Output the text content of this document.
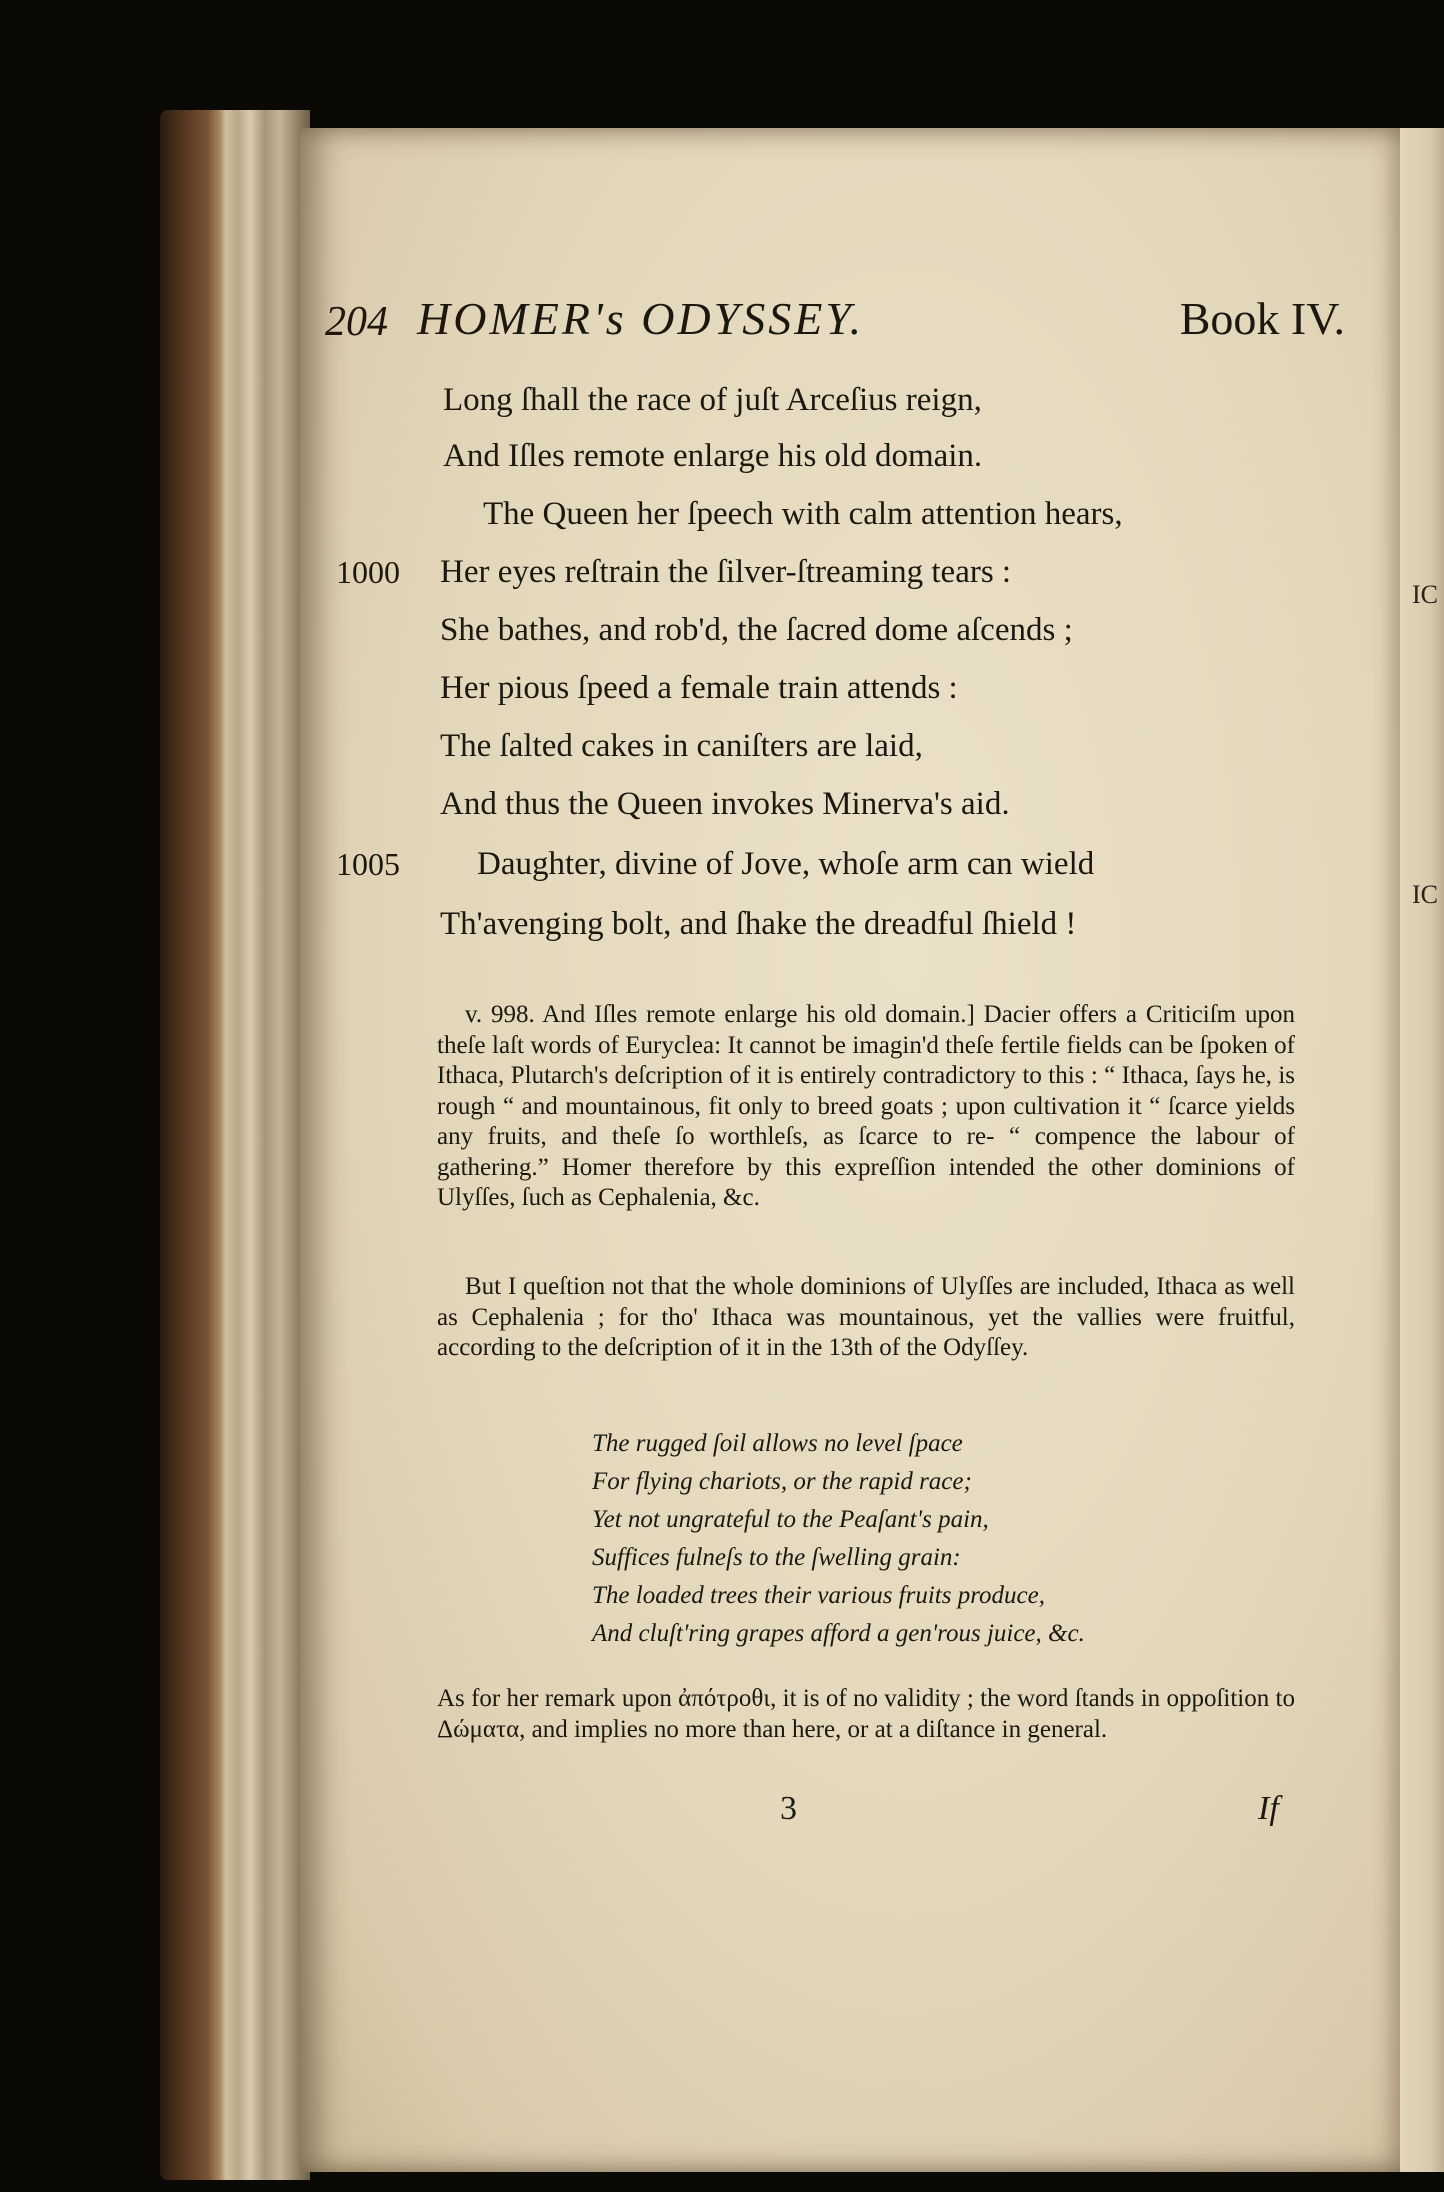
IC
IC
204 HOMER's ODYSSEY.	Book IV.
Long ſhall the race of juſt Arceſius reign,
And Iſles remote enlarge his old domain.
The Queen her ſpeech with calm attention hears,
1000 Her eyes reſtrain the ſilver-ſtreaming tears :
She bathes, and rob'd, the ſacred dome aſcends ;
Her pious ſpeed a female train attends :
The ſalted cakes in caniſters are laid,
And thus the Queen invokes Minerva's aid.
1005 Daughter, divine of Jove, whoſe arm can wield
Th'avenging bolt, and ſhake the dreadful ſhield !

v. 998. And Iſles remote enlarge his old domain.] Dacier offers a Criticiſm upon theſe laſt words of Euryclea: It cannot be imagin'd theſe fertile fields can be ſpoken of Ithaca, Plutarch's deſcription of it is entirely contradictory to this : “ Ithaca, ſays he, is rough “ and mountainous, fit only to breed goats ; upon cultivation it “ ſcarce yields any fruits, and theſe ſo worthleſs, as ſcarce to re- “ compence the labour of gathering.” Homer therefore by this expreſſion intended the other dominions of Ulyſſes, ſuch as Cephalenia, &c.

But I queſtion not that the whole dominions of Ulyſſes are included, Ithaca as well as Cephalenia ; for tho' Ithaca was mountainous, yet the vallies were fruitful, according to the deſcription of it in the 13th of the Odyſſey.

The rugged ſoil allows no level ſpace
For flying chariots, or the rapid race;
Yet not ungrateful to the Peaſant's pain,
Suffices fulneſs to the ſwelling grain:
The loaded trees their various fruits produce,
And cluſt'ring grapes afford a gen'rous juice, &c.

As for her remark upon ἀπότροθι, it is of no validity ; the word ſtands in oppoſition to Δώματα, and implies no more than here, or at a diſtance in general.

3	If
